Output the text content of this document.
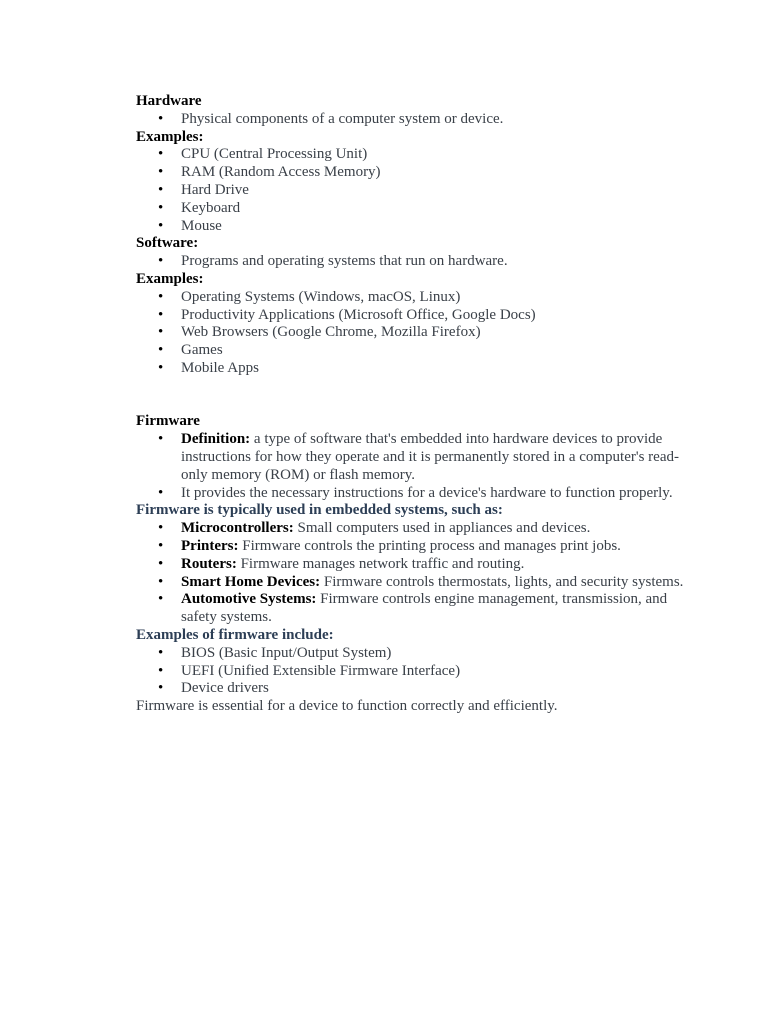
Hardware
• Physical components of a computer system or device.
Examples:
• CPU (Central Processing Unit)
• RAM (Random Access Memory)
• Hard Drive
• Keyboard
• Mouse
Software:
• Programs and operating systems that run on hardware.
Examples:
• Operating Systems (Windows, macOS, Linux)
• Productivity Applications (Microsoft Office, Google Docs)
• Web Browsers (Google Chrome, Mozilla Firefox)
• Games
• Mobile Apps
Firmware
• Definition: a type of software that's embedded into hardware devices to provide instructions for how they operate and it is permanently stored in a computer's read-only memory (ROM) or flash memory.
• It provides the necessary instructions for a device's hardware to function properly.
Firmware is typically used in embedded systems, such as:
• Microcontrollers: Small computers used in appliances and devices.
• Printers: Firmware controls the printing process and manages print jobs.
• Routers: Firmware manages network traffic and routing.
• Smart Home Devices: Firmware controls thermostats, lights, and security systems.
• Automotive Systems: Firmware controls engine management, transmission, and safety systems.
Examples of firmware include:
• BIOS (Basic Input/Output System)
• UEFI (Unified Extensible Firmware Interface)
• Device drivers

Firmware is essential for a device to function correctly and efficiently.
